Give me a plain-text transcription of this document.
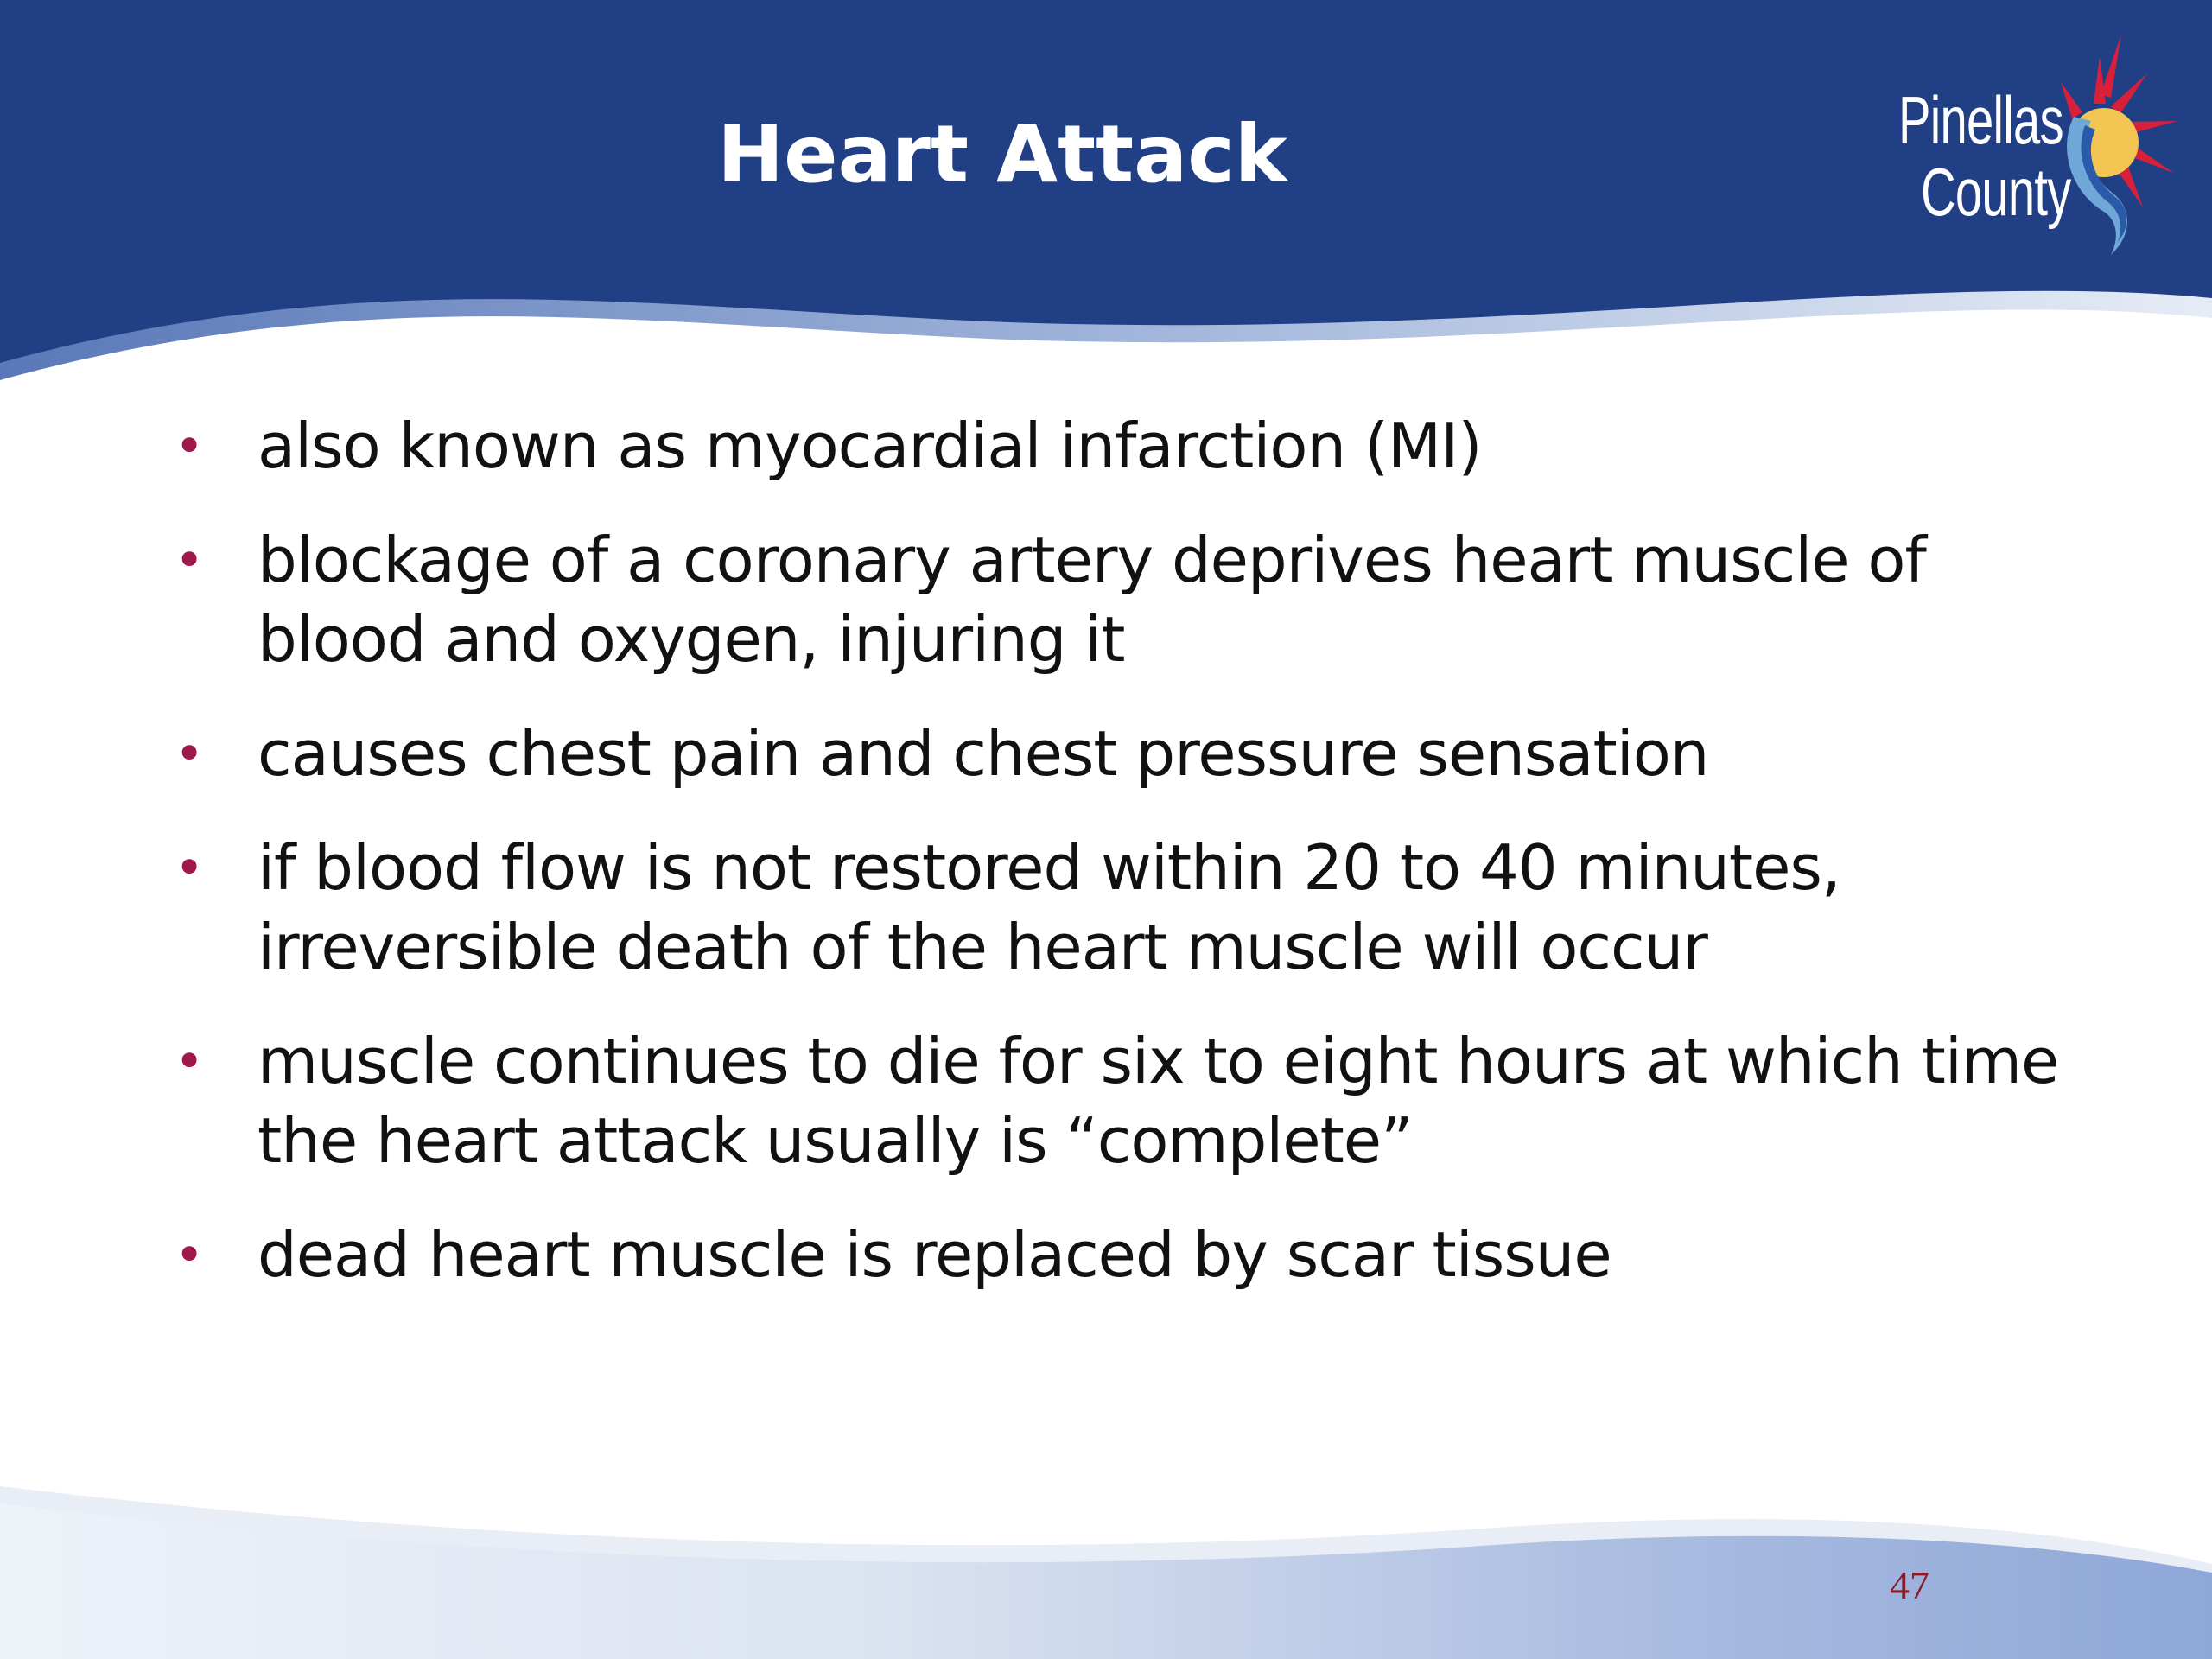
Heart Attack	Pinellas
County
• also known as myocardial infarction (MI)
• blockage of a coronary artery deprives heart muscle of blood and oxygen, injuring it
• causes chest pain and chest pressure sensation
• if blood flow is not restored within 20 to 40 minutes, irreversible death of the heart muscle will occur
• muscle continues to die for six to eight hours at which time the heart attack usually is “complete”
• dead heart muscle is replaced by scar tissue
47
